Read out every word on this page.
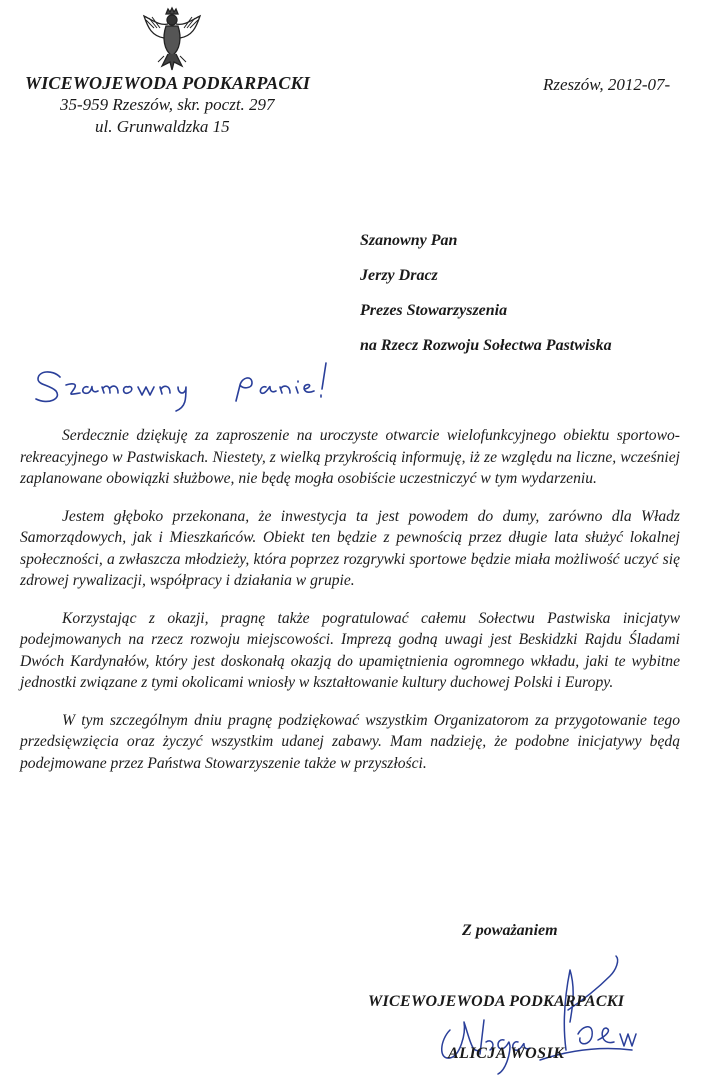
WICEWOJEWODA PODKARPACKI
35-959 Rzeszów, skr. poczt. 297
ul. Grunwaldzka 15
Rzeszów, 2012-07-
Szanowny Pan
Jerzy Dracz
Prezes Stowarzyszenia
na Rzecz Rozwoju Sołectwa Pastwiska

Serdecznie dziękuję za zaproszenie na uroczyste otwarcie wielofunkcyjnego obiektu sportowo-rekreacyjnego w Pastwiskach. Niestety, z wielką przykrością informuję, iż ze względu na liczne, wcześniej zaplanowane obowiązki służbowe, nie będę mogła osobiście uczestniczyć w tym wydarzeniu.

Jestem głęboko przekonana, że inwestycja ta jest powodem do dumy, zarówno dla Władz Samorządowych, jak i Mieszkańców. Obiekt ten będzie z pewnością przez długie lata służyć lokalnej społeczności, a zwłaszcza młodzieży, która poprzez rozgrywki sportowe będzie miała możliwość uczyć się zdrowej rywalizacji, współpracy i działania w grupie.

Korzystając z okazji, pragnę także pogratulować całemu Sołectwu Pastwiska inicjatyw podejmowanych na rzecz rozwoju miejscowości. Imprezą godną uwagi jest Beskidzki Rajdu Śladami Dwóch Kardynałów, który jest doskonałą okazją do upamiętnienia ogromnego wkładu, jaki te wybitne jednostki związane z tymi okolicami wniosły w kształtowanie kultury duchowej Polski i Europy.

W tym szczególnym dniu pragnę podziękować wszystkim Organizatorom za przygotowanie tego przedsięwzięcia oraz życzyć wszystkim udanej zabawy. Mam nadzieję, że podobne inicjatywy będą podejmowane przez Państwa Stowarzyszenie także w przyszłości.

Z poważaniem
WICEWOJEWODA PODKARPACKI
ALICJA WOSIK
